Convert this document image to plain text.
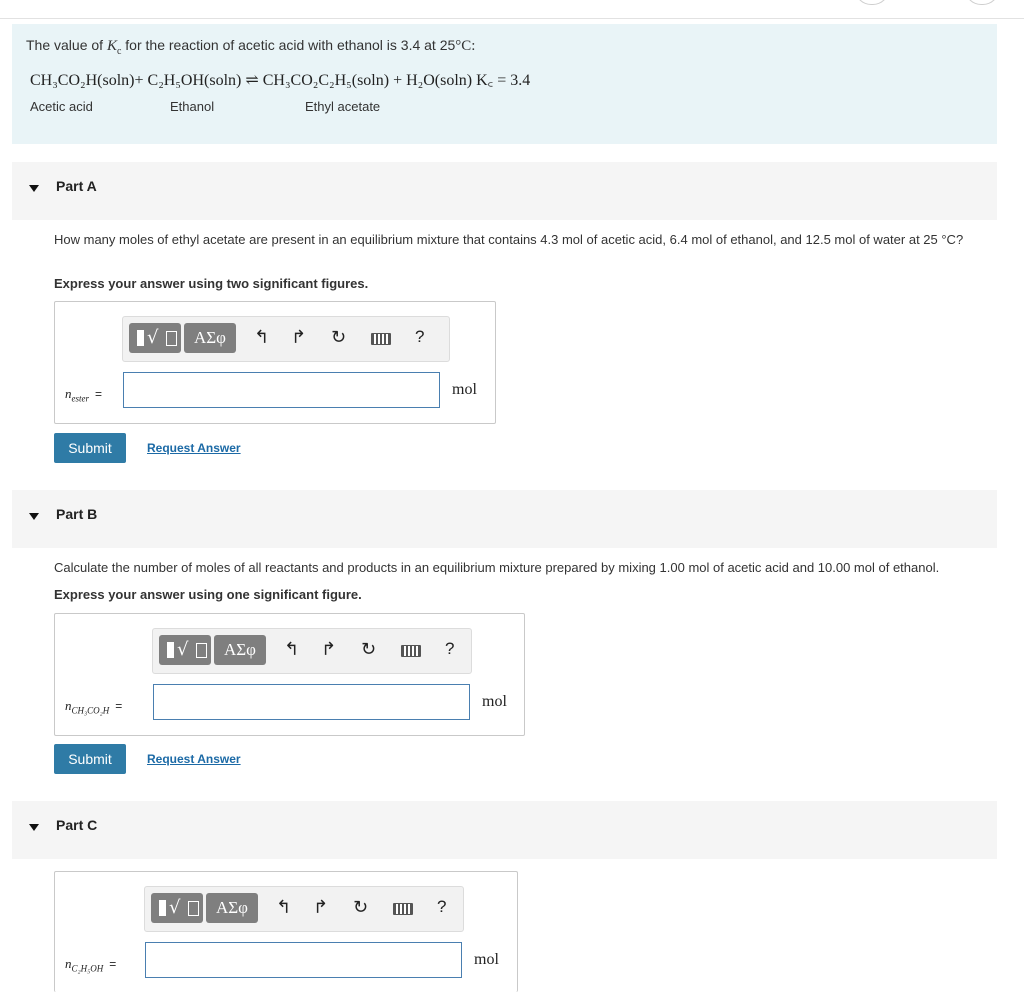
The value of $K_c$ for the reaction of acetic acid with ethanol is 3.4 at 25°C:
CH₃CO₂H(soln)+ C₂H₅OH(soln) ⇌ CH₃CO₂C₂H₅(soln) + H₂O(soln) K꜀ = 3.4
Acetic acid	Ethanol	Ethyl acetate
Part A
How many moles of ethyl acetate are present in an equilibrium mixture that contains 4.3 mol of acetic acid, 6.4 mol of ethanol, and 12.5 mol of water at 25 °C?
Express your answer using two significant figures.
√	ΑΣφ	↰ ↱ ↻	?
$n_{ester}$ =	mol
Submit	Request Answer
Part B
Calculate the number of moles of all reactants and products in an equilibrium mixture prepared by mixing 1.00 mol of acetic acid and 10.00 mol of ethanol.
Express your answer using one significant figure.
√	ΑΣφ	↰ ↱ ↻	?
$n_{CH_3CO_2H}$ =	mol
Submit	Request Answer
Part C
√	ΑΣφ	↰ ↱ ↻	?
$n_{C_2H_5OH}$ =	mol
